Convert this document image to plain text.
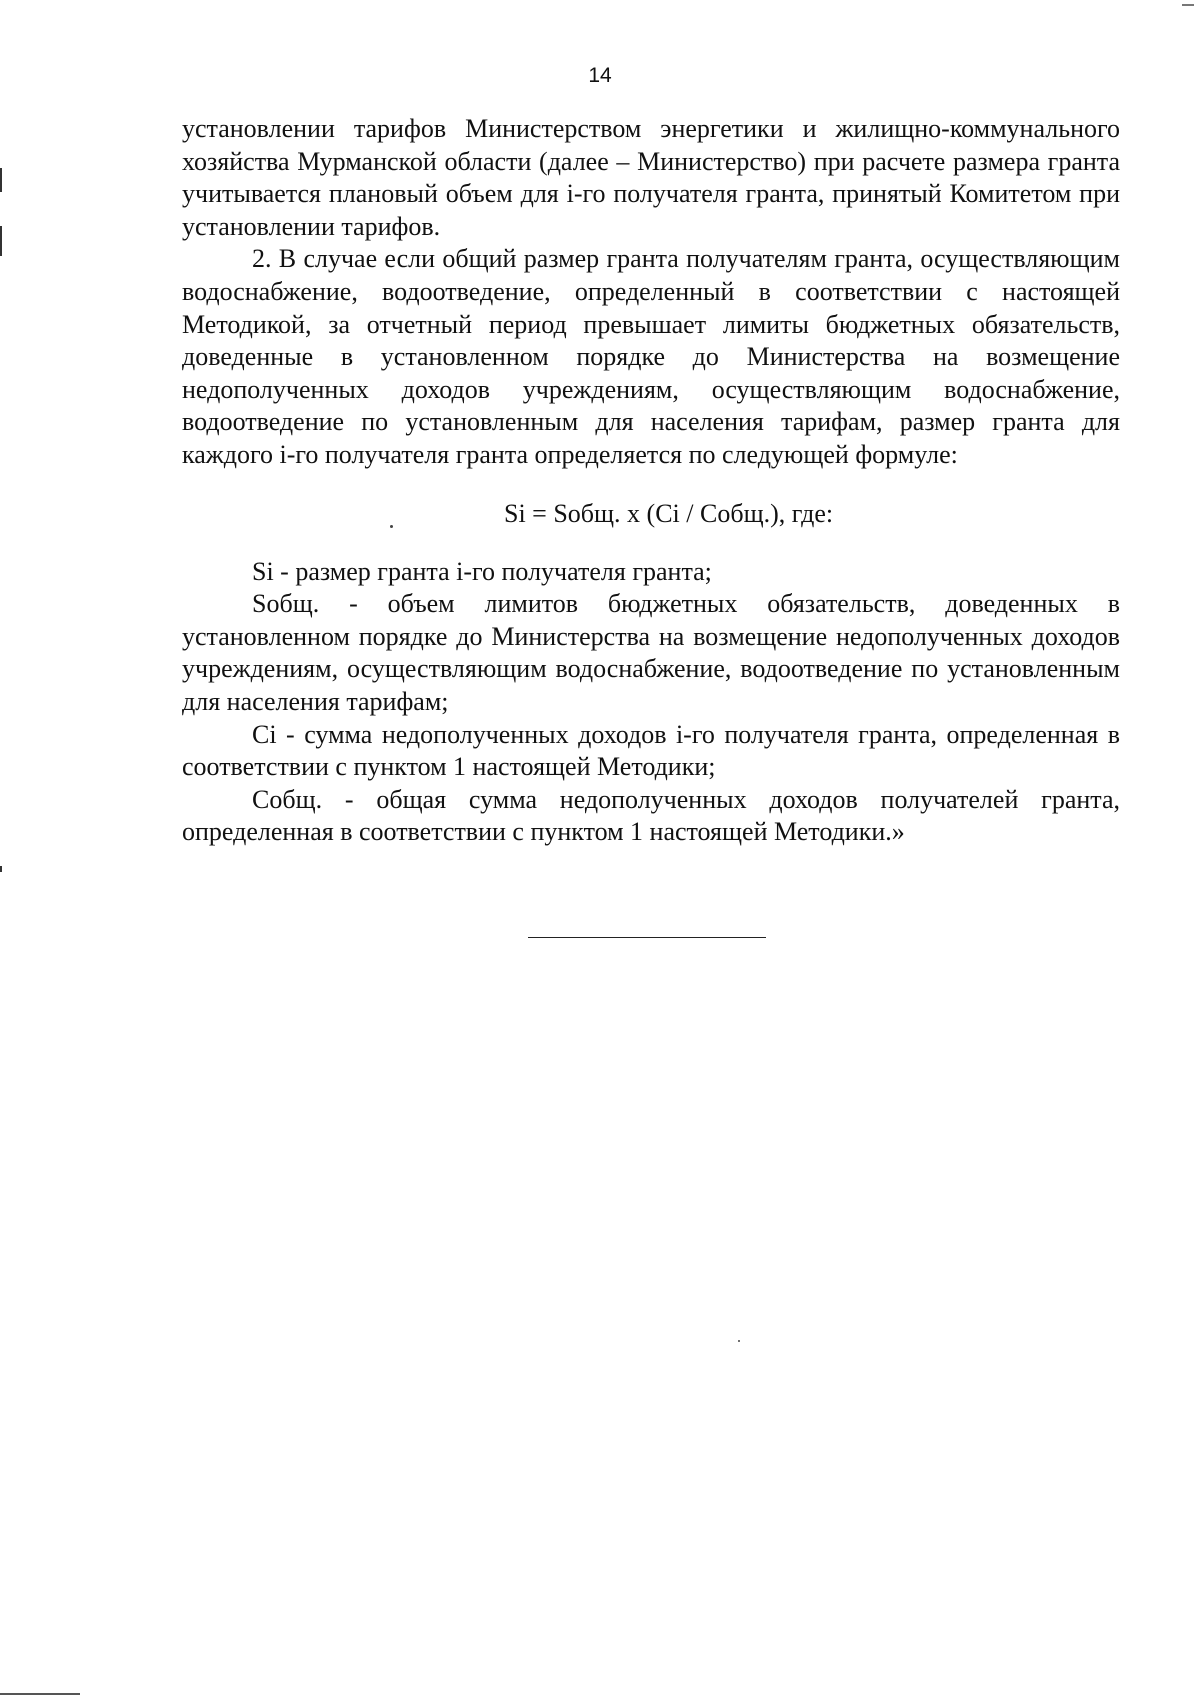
14

установлении тарифов Министерством энергетики и жилищно-коммунального хозяйства Мурманской области (далее – Министерство) при расчете размера гранта учитывается плановый объем для i-го получателя гранта, принятый Комитетом при установлении тарифов.

2. В случае если общий размер гранта получателям гранта, осуществляющим водоснабжение, водоотведение, определенный в соответствии с настоящей Методикой, за отчетный период превышает лимиты бюджетных обязательств, доведенные в установленном порядке до Министерства на возмещение недополученных доходов учреждениям, осуществляющим водоснабжение, водоотведение по установленным для населения тарифам, размер гранта для каждого i-го получателя гранта определяется по следующей формуле:

Si = Sобщ. x (Ci / Cобщ.), где:

Si - размер гранта i-го получателя гранта;

Sобщ. - объем лимитов бюджетных обязательств, доведенных в установленном порядке до Министерства на возмещение недополученных доходов учреждениям, осуществляющим водоснабжение, водоотведение по установленным для населения тарифам;

Ci - сумма недополученных доходов i-го получателя гранта, определенная в соответствии с пунктом 1 настоящей Методики;

Cобщ. - общая сумма недополученных доходов получателей гранта, определенная в соответствии с пунктом 1 настоящей Методики.»
